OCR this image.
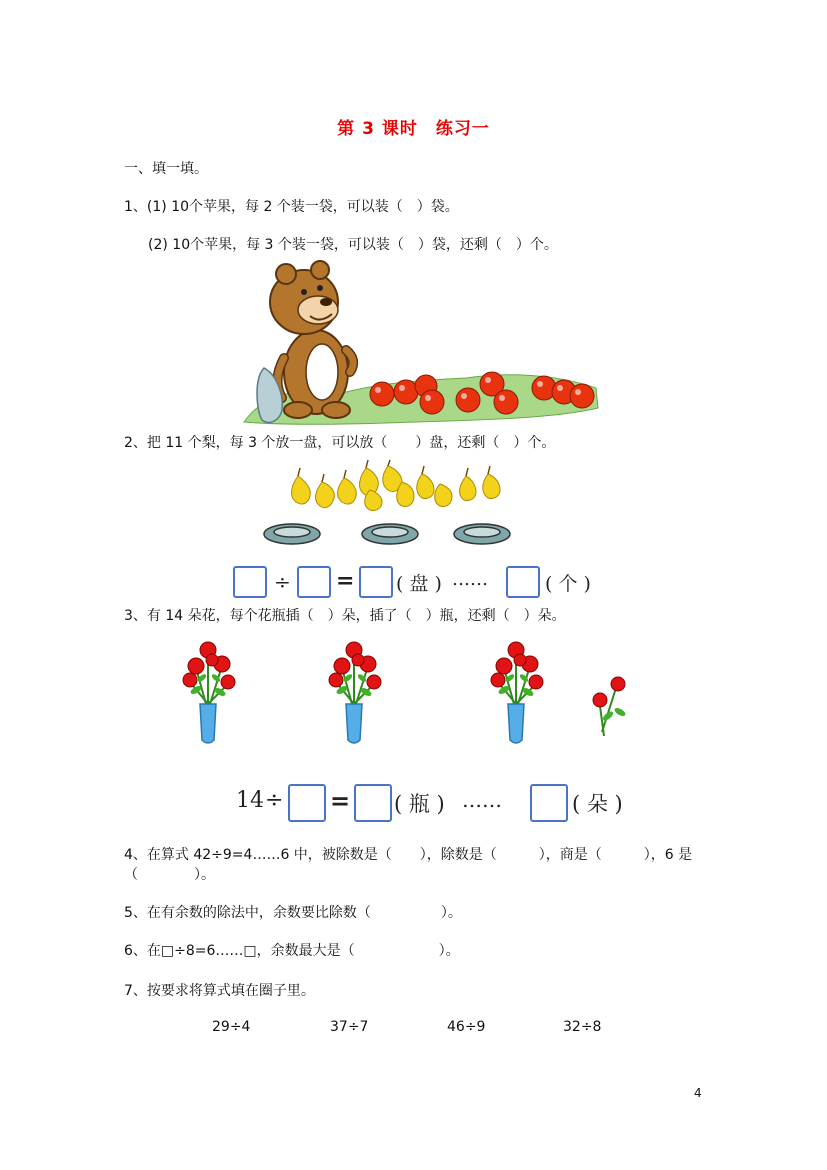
第 3 课时　练习一
一、填一填。
1、(1) 10个苹果，每 2 个装一袋，可以装（　）袋。
(2) 10个苹果，每 3 个装一袋，可以装（　）袋，还剩（　）个。
2、把 11 个梨，每 3 个放一盘，可以放（　　）盘，还剩（　）个。
÷ = ( 盘 ) ……	( 个 )
3、有 14 朵花，每个花瓶插（　）朵，插了（　）瓶，还剩（　）朵。
14 ÷ = ( 瓶 ) ……	( 朵 )
4、在算式 42÷9=4……6 中，被除数是（　　），除数是（　　　），商是（　　　），6 是
（　　　　）。
5、在有余数的除法中，余数要比除数（　　　　　）。
6、在□÷8=6……□，余数最大是（　　　　　　）。
7、按要求将算式填在圈子里。
29÷4	37÷7	46÷9	32÷8
4
